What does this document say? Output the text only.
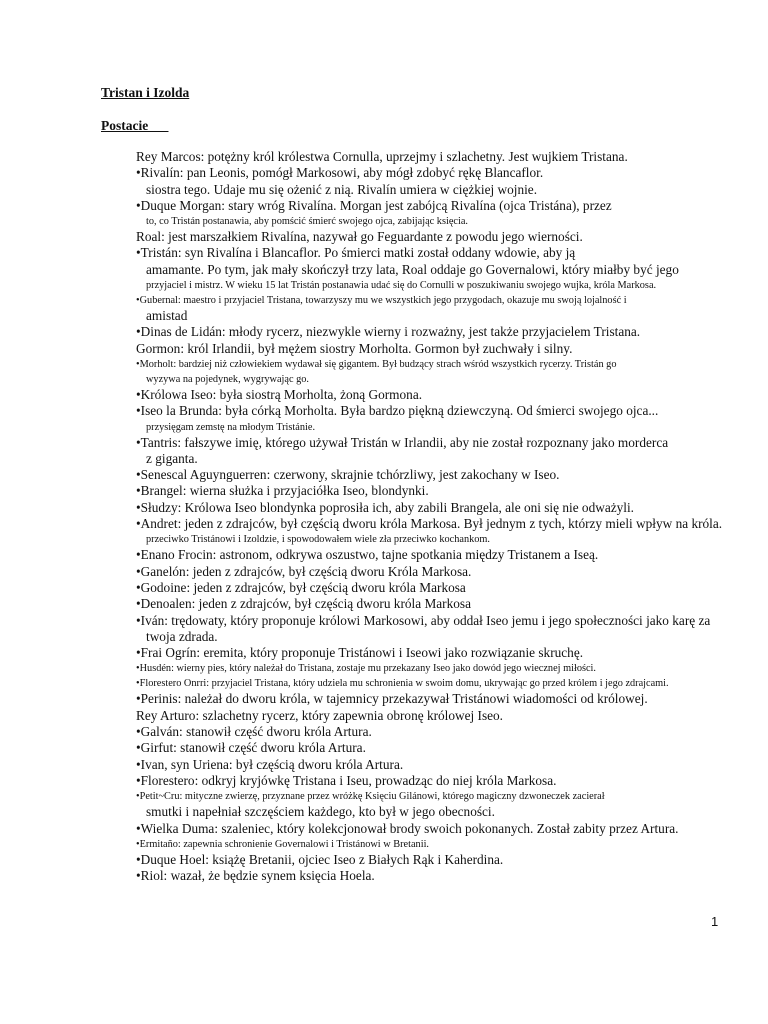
Tristan i Izolda
Postacie
Rey Marcos: potężny król królestwa Cornulla, uprzejmy i szlachetny. Jest wujkiem Tristana.
•Rivalín: pan Leonis, pomógł Markosowi, aby mógł zdobyć rękę Blancaflor.
siostra tego. Udaje mu się ożenić z nią. Rivalín umiera w ciężkiej wojnie.
•Duque Morgan: stary wróg Rivalína. Morgan jest zabójcą Rivalína (ojca Tristána), przez
to, co Tristán postanawia, aby pomścić śmierć swojego ojca, zabijając księcia.
Roal: jest marszałkiem Rivalína, nazywał go Feguardante z powodu jego wierności.
•Tristán: syn Rivalína i Blancaflor. Po śmierci matki został oddany wdowie, aby ją
amamante. Po tym, jak mały skończył trzy lata, Roal oddaje go Governalowi, który miałby być jego
przyjaciel i mistrz. W wieku 15 lat Tristán postanawia udać się do Cornulli w poszukiwaniu swojego wujka, króla Markosa.
•Gubernal: maestro i przyjaciel Tristana, towarzyszy mu we wszystkich jego przygodach, okazuje mu swoją lojalność i
amistad
•Dinas de Lidán: młody rycerz, niezwykle wierny i rozważny, jest także przyjacielem Tristana.
Gormon: król Irlandii, był mężem siostry Morholta. Gormon był zuchwały i silny.
•Morholt: bardziej niż człowiekiem wydawał się gigantem. Był budzący strach wśród wszystkich rycerzy. Tristán go
wyzywa na pojedynek, wygrywając go.
•Królowa Iseo: była siostrą Morholta, żoną Gormona.
•Iseo la Brunda: była córką Morholta. Była bardzo piękną dziewczyną. Od śmierci swojego ojca...
przysięgam zemstę na młodym Tristánie.
•Tantris: fałszywe imię, którego używał Tristán w Irlandii, aby nie został rozpoznany jako morderca
z giganta.
•Senescal Aguynguerren: czerwony, skrajnie tchórzliwy, jest zakochany w Iseo.
•Brangel: wierna służka i przyjaciółka Iseo, blondynki.
•Słudzy: Królowa Iseo blondynka poprosiła ich, aby zabili Brangela, ale oni się nie odważyli.
•Andret: jeden z zdrajców, był częścią dworu króla Markosa. Był jednym z tych, którzy mieli wpływ na króla.
przeciwko Tristánowi i Izoldzie, i spowodowałem wiele zła przeciwko kochankom.
•Enano Frocin: astronom, odkrywa oszustwo, tajne spotkania między Tristanem a Iseą.
•Ganelón: jeden z zdrajców, był częścią dworu Króla Markosa.
•Godoine: jeden z zdrajców, był częścią dworu króla Markosa
•Denoalen: jeden z zdrajców, był częścią dworu króla Markosa
•Iván: trędowaty, który proponuje królowi Markosowi, aby oddał Iseo jemu i jego społeczności jako karę za
twoja zdrada.
•Frai Ogrín: eremita, który proponuje Tristánowi i Iseowi jako rozwiązanie skruchę.
•Husdén: wierny pies, który należał do Tristana, zostaje mu przekazany Iseo jako dowód jego wiecznej miłości.
•Florestero Onrri: przyjaciel Tristana, który udziela mu schronienia w swoim domu, ukrywając go przed królem i jego zdrajcami.
•Perinis: należał do dworu króla, w tajemnicy przekazywał Tristánowi wiadomości od królowej.
Rey Arturo: szlachetny rycerz, który zapewnia obronę królowej Iseo.
•Galván: stanowił część dworu króla Artura.
•Girfut: stanowił część dworu króla Artura.
•Ivan, syn Uriena: był częścią dworu króla Artura.
•Florestero: odkryj kryjówkę Tristana i Iseu, prowadząc do niej króla Markosa.
•Petit~Cru: mityczne zwierzę, przyznane przez wróżkę Księciu Gilánowi, którego magiczny dzwoneczek zacierał
smutki i napełniał szczęściem każdego, kto był w jego obecności.
•Wielka Duma: szaleniec, który kolekcjonował brody swoich pokonanych. Został zabity przez Artura.
•Ermitaño: zapewnia schronienie Governalowi i Tristánowi w Bretanii.
•Duque Hoel: książę Bretanii, ojciec Iseo z Białych Rąk i Kaherdina.
•Riol: wazał, że będzie synem księcia Hoela.
1
